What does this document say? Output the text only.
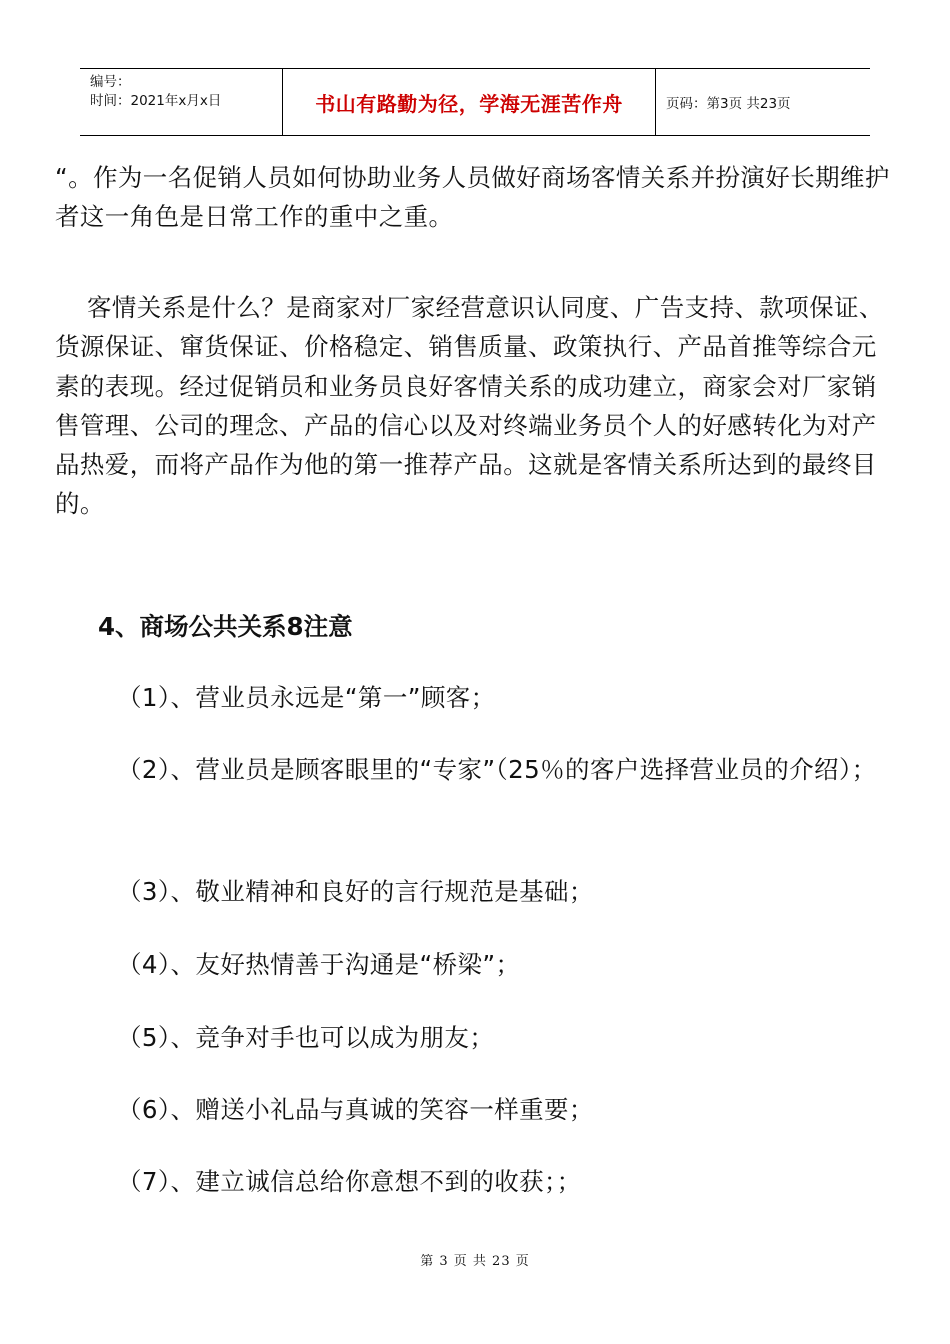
编号：
时间：2021年x月x日	书山有路勤为径，学海无涯苦作舟	页码：第3页 共23页
“。作为一名促销人员如何协助业务人员做好商场客情关系并扮演好长期维护者这一角色是日常工作的重中之重。
客情关系是什么？是商家对厂家经营意识认同度、广告支持、款项保证、货源保证、窜货保证、价格稳定、销售质量、政策执行、产品首推等综合元素的表现。经过促销员和业务员良好客情关系的成功建立，商家会对厂家销售管理、公司的理念、产品的信心以及对终端业务员个人的好感转化为对产品热爱，而将产品作为他的第一推荐产品。这就是客情关系所达到的最终目的。
4、商场公共关系8注意
（1）、营业员永远是“第一”顾客；
（2）、营业员是顾客眼里的“专家”（25％的客户选择营业员的介绍）；
（3）、敬业精神和良好的言行规范是基础；
（4）、友好热情善于沟通是“桥梁”；
（5）、竞争对手也可以成为朋友；
（6）、赠送小礼品与真诚的笑容一样重要；
（7）、建立诚信总给你意想不到的收获；；
第 3 页 共 23 页
